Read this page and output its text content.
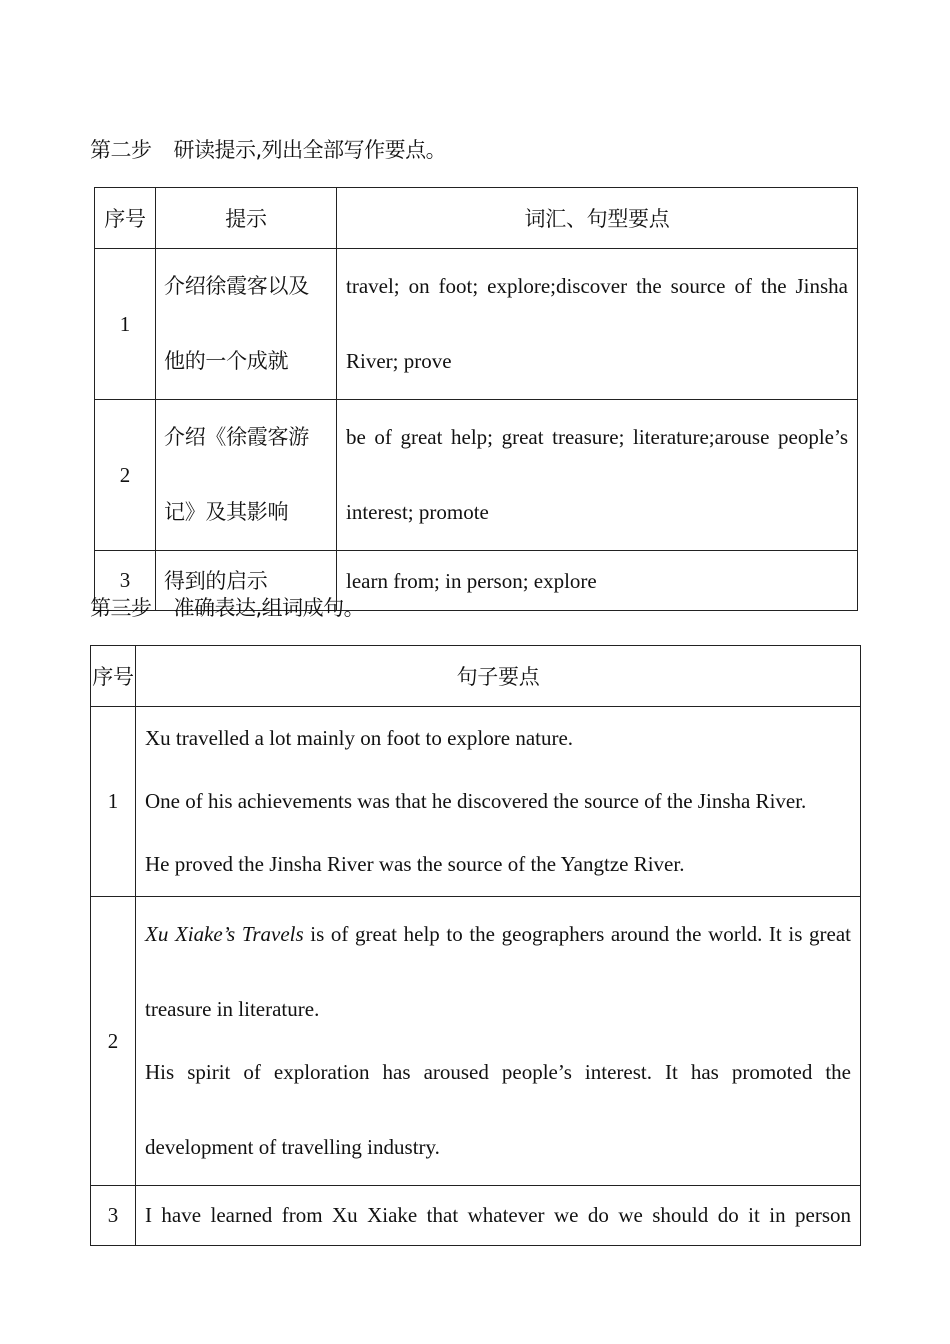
第二步 研读提示,列出全部写作要点。
序号	提示	词汇、句型要点
1	介绍徐霞客以及他的一个成就	travel; on foot; explore;discover the source of the Jinsha River; prove
2	介绍《徐霞客游记》及其影响	be of great help; great treasure; literature;arouse people’s interest; promote
3	得到的启示	learn from; in person; explore
第三步 准确表达,组词成句。
序号	句子要点
1	Xu travelled a lot mainly on foot to explore nature.

One of his achievements was that he discovered the source of the Jinsha River.

He proved the Jinsha River was the source of the Yangtze River.

2	Xu Xiake’s Travels is of great help to the geographers around the world. It is great treasure in literature.

His spirit of exploration has aroused people’s interest. It has promoted the development of travelling industry.

3	I have learned from Xu Xiake that whatever we do we should do it in person
